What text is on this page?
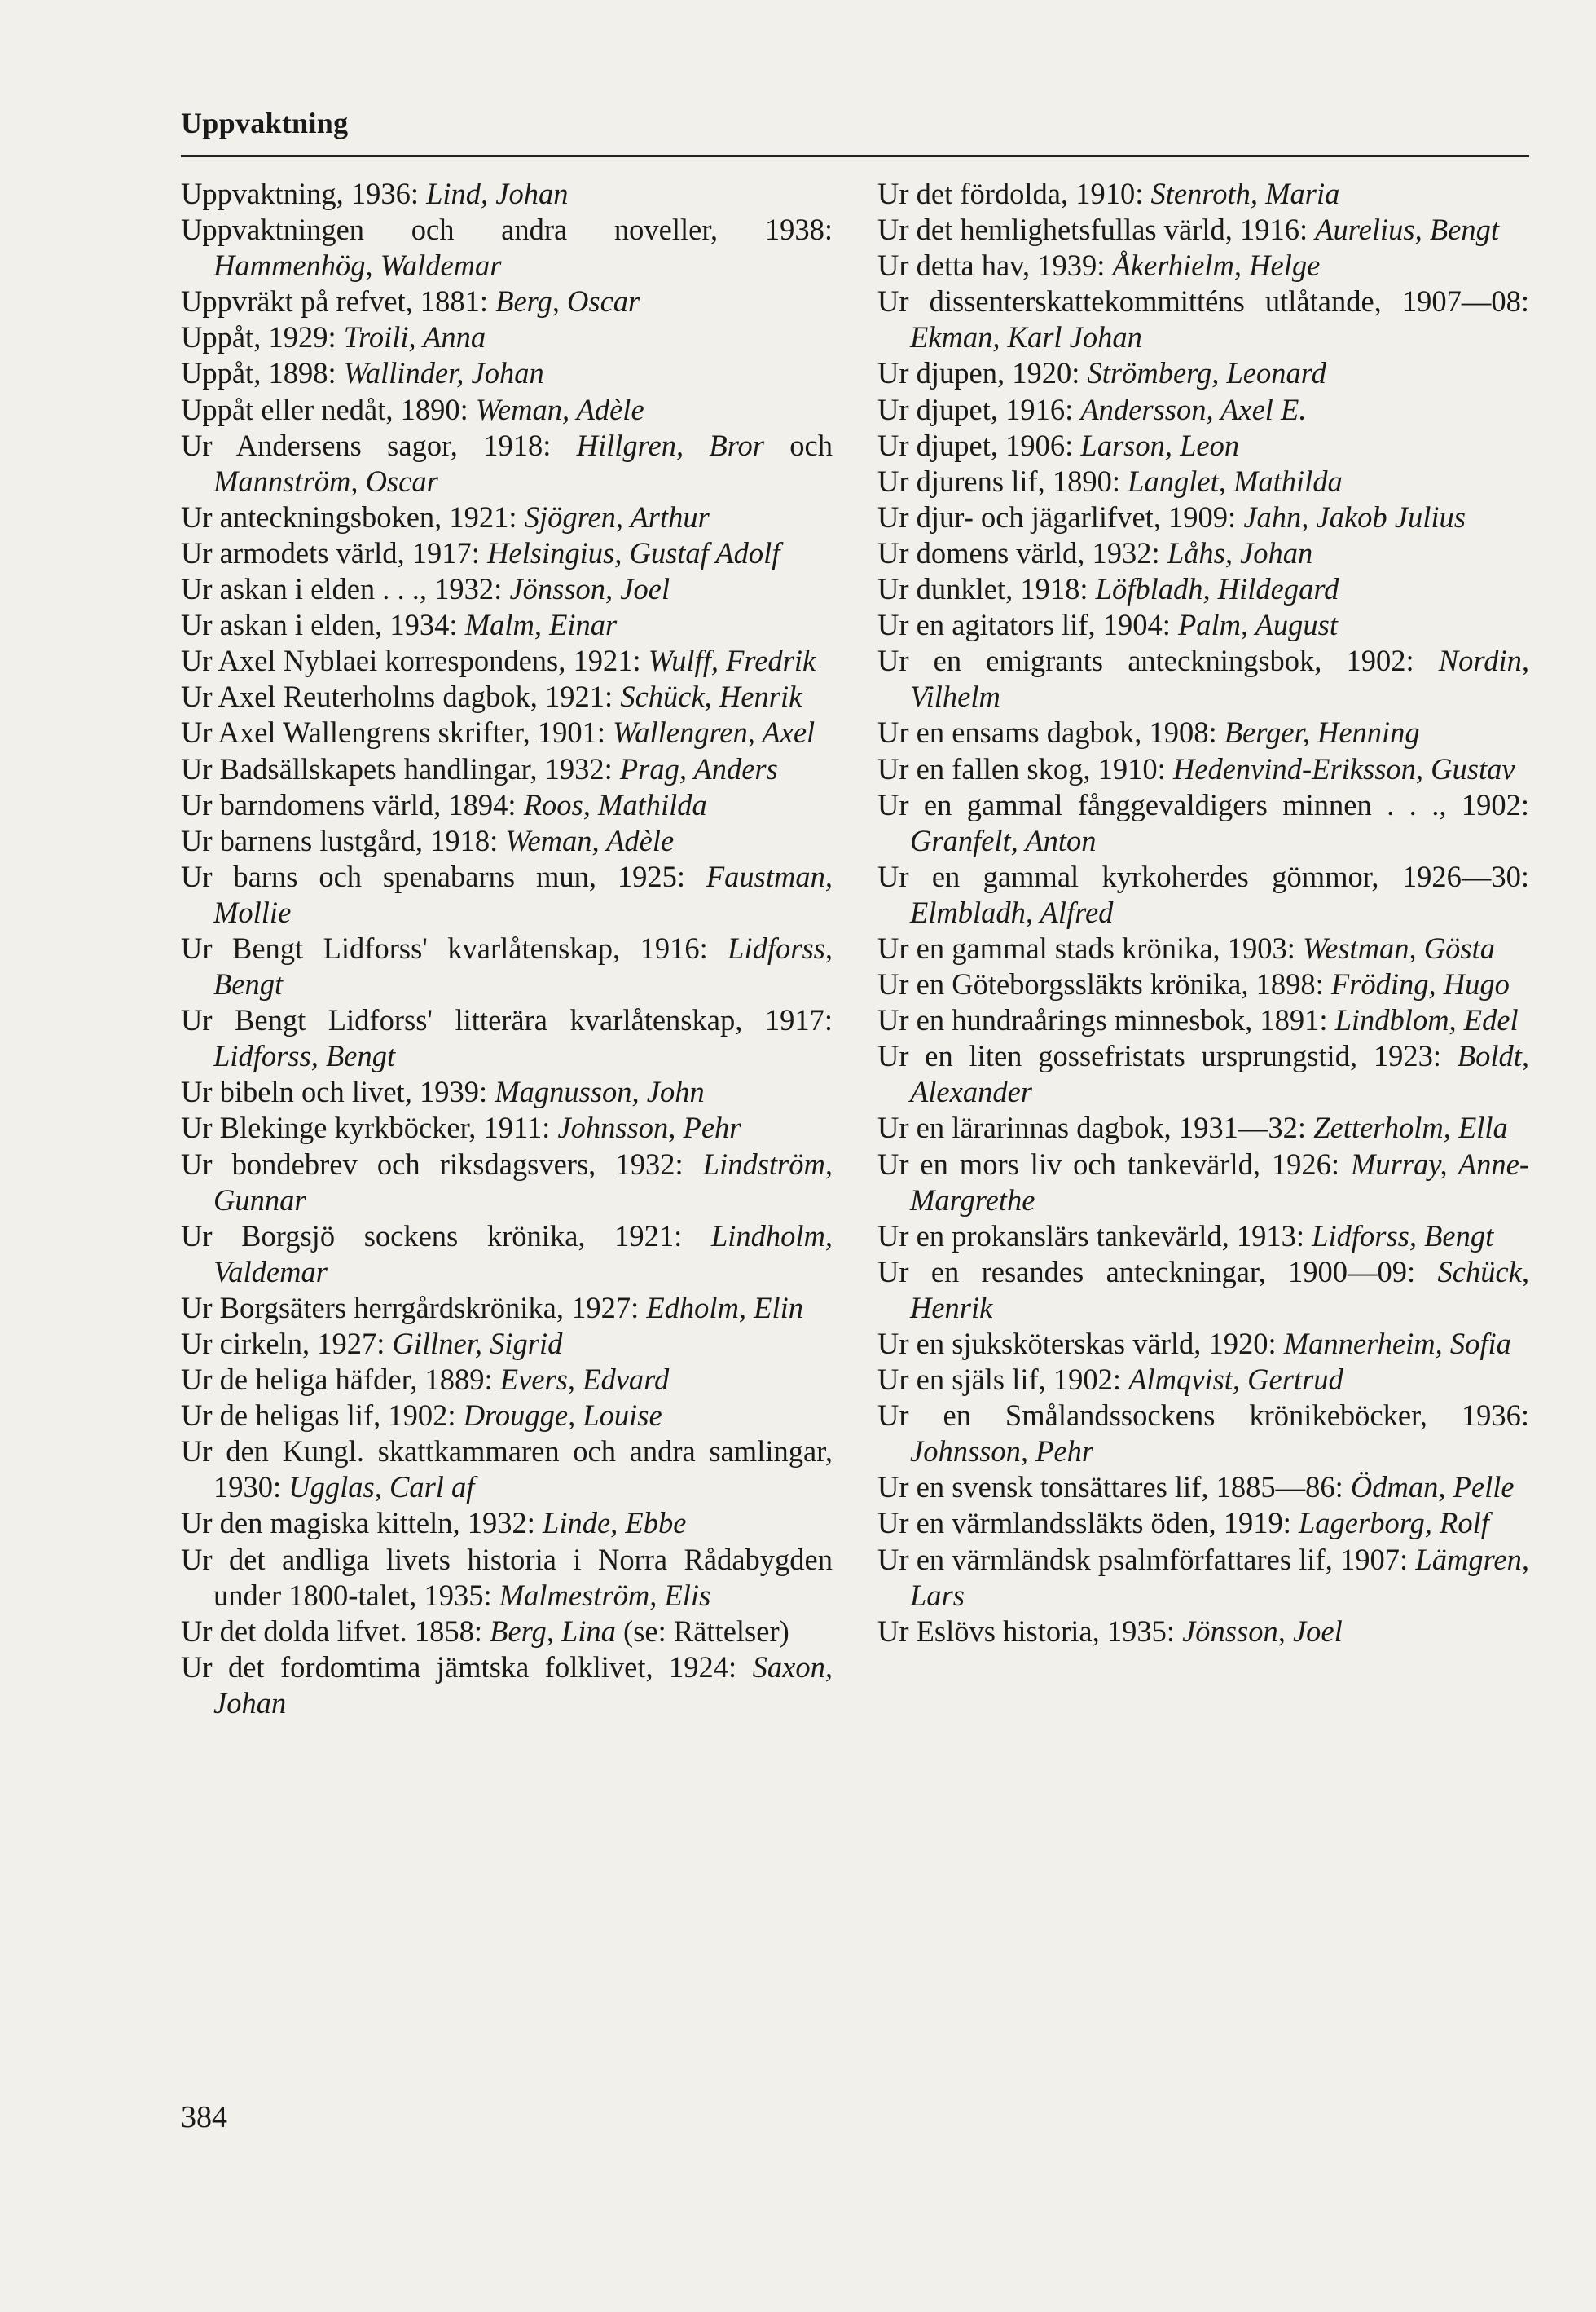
Uppvaktning
Uppvaktning, 1936: Lind, Johan
Uppvaktningen och andra noveller, 1938: Hammenhög, Waldemar
Uppvräkt på refvet, 1881: Berg, Oscar
Uppåt, 1929: Troili, Anna
Uppåt, 1898: Wallinder, Johan
Uppåt eller nedåt, 1890: Weman, Adèle
Ur Andersens sagor, 1918: Hillgren, Bror och Mannström, Oscar
Ur anteckningsboken, 1921: Sjögren, Arthur
Ur armodets värld, 1917: Helsingius, Gustaf Adolf
Ur askan i elden . . ., 1932: Jönsson, Joel
Ur askan i elden, 1934: Malm, Einar
Ur Axel Nyblaei korrespondens, 1921: Wulff, Fredrik
Ur Axel Reuterholms dagbok, 1921: Schück, Henrik
Ur Axel Wallengrens skrifter, 1901: Wallengren, Axel
Ur Badsällskapets handlingar, 1932: Prag, Anders
Ur barndomens värld, 1894: Roos, Mathilda
Ur barnens lustgård, 1918: Weman, Adèle
Ur barns och spenabarns mun, 1925: Faustman, Mollie
Ur Bengt Lidforss' kvarlåtenskap, 1916: Lidforss, Bengt
Ur Bengt Lidforss' litterära kvarlåtenskap, 1917: Lidforss, Bengt
Ur bibeln och livet, 1939: Magnusson, John
Ur Blekinge kyrkböcker, 1911: Johnsson, Pehr
Ur bondebrev och riksdagsvers, 1932: Lindström, Gunnar
Ur Borgsjö sockens krönika, 1921: Lindholm, Valdemar
Ur Borgsäters herrgårdskrönika, 1927: Edholm, Elin
Ur cirkeln, 1927: Gillner, Sigrid
Ur de heliga häfder, 1889: Evers, Edvard
Ur de heligas lif, 1902: Drougge, Louise
Ur den Kungl. skattkammaren och andra samlingar, 1930: Ugglas, Carl af
Ur den magiska kitteln, 1932: Linde, Ebbe
Ur det andliga livets historia i Norra Rådabygden under 1800-talet, 1935: Malmeström, Elis
Ur det dolda lifvet. 1858: Berg, Lina (se: Rättelser)
Ur det fordomtima jämtska folklivet, 1924: Saxon, Johan
Ur det fördolda, 1910: Stenroth, Maria
Ur det hemlighetsfullas värld, 1916: Aurelius, Bengt
Ur detta hav, 1939: Åkerhielm, Helge
Ur dissenterskattekommitténs utlåtande, 1907—08: Ekman, Karl Johan
Ur djupen, 1920: Strömberg, Leonard
Ur djupet, 1916: Andersson, Axel E.
Ur djupet, 1906: Larson, Leon
Ur djurens lif, 1890: Langlet, Mathilda
Ur djur- och jägarlifvet, 1909: Jahn, Jakob Julius
Ur domens värld, 1932: Låhs, Johan
Ur dunklet, 1918: Löfbladh, Hildegard
Ur en agitators lif, 1904: Palm, August
Ur en emigrants anteckningsbok, 1902: Nordin, Vilhelm
Ur en ensams dagbok, 1908: Berger, Henning
Ur en fallen skog, 1910: Hedenvind-Eriksson, Gustav
Ur en gammal fånggevaldigers minnen . . ., 1902: Granfelt, Anton
Ur en gammal kyrkoherdes gömmor, 1926—30: Elmbladh, Alfred
Ur en gammal stads krönika, 1903: Westman, Gösta
Ur en Göteborgssläkts krönika, 1898: Fröding, Hugo
Ur en hundraårings minnesbok, 1891: Lindblom, Edel
Ur en liten gossefristats ursprungstid, 1923: Boldt, Alexander
Ur en lärarinnas dagbok, 1931—32: Zetterholm, Ella
Ur en mors liv och tankevärld, 1926: Murray, Anne-Margrethe
Ur en prokanslärs tankevärld, 1913: Lidforss, Bengt
Ur en resandes anteckningar, 1900—09: Schück, Henrik
Ur en sjuksköterskas värld, 1920: Mannerheim, Sofia
Ur en själs lif, 1902: Almqvist, Gertrud
Ur en Smålandssockens krönikeböcker, 1936: Johnsson, Pehr
Ur en svensk tonsättares lif, 1885—86: Ödman, Pelle
Ur en värmlandssläkts öden, 1919: Lagerborg, Rolf
Ur en värmländsk psalmförfattares lif, 1907: Lämgren, Lars
Ur Eslövs historia, 1935: Jönsson, Joel
384
